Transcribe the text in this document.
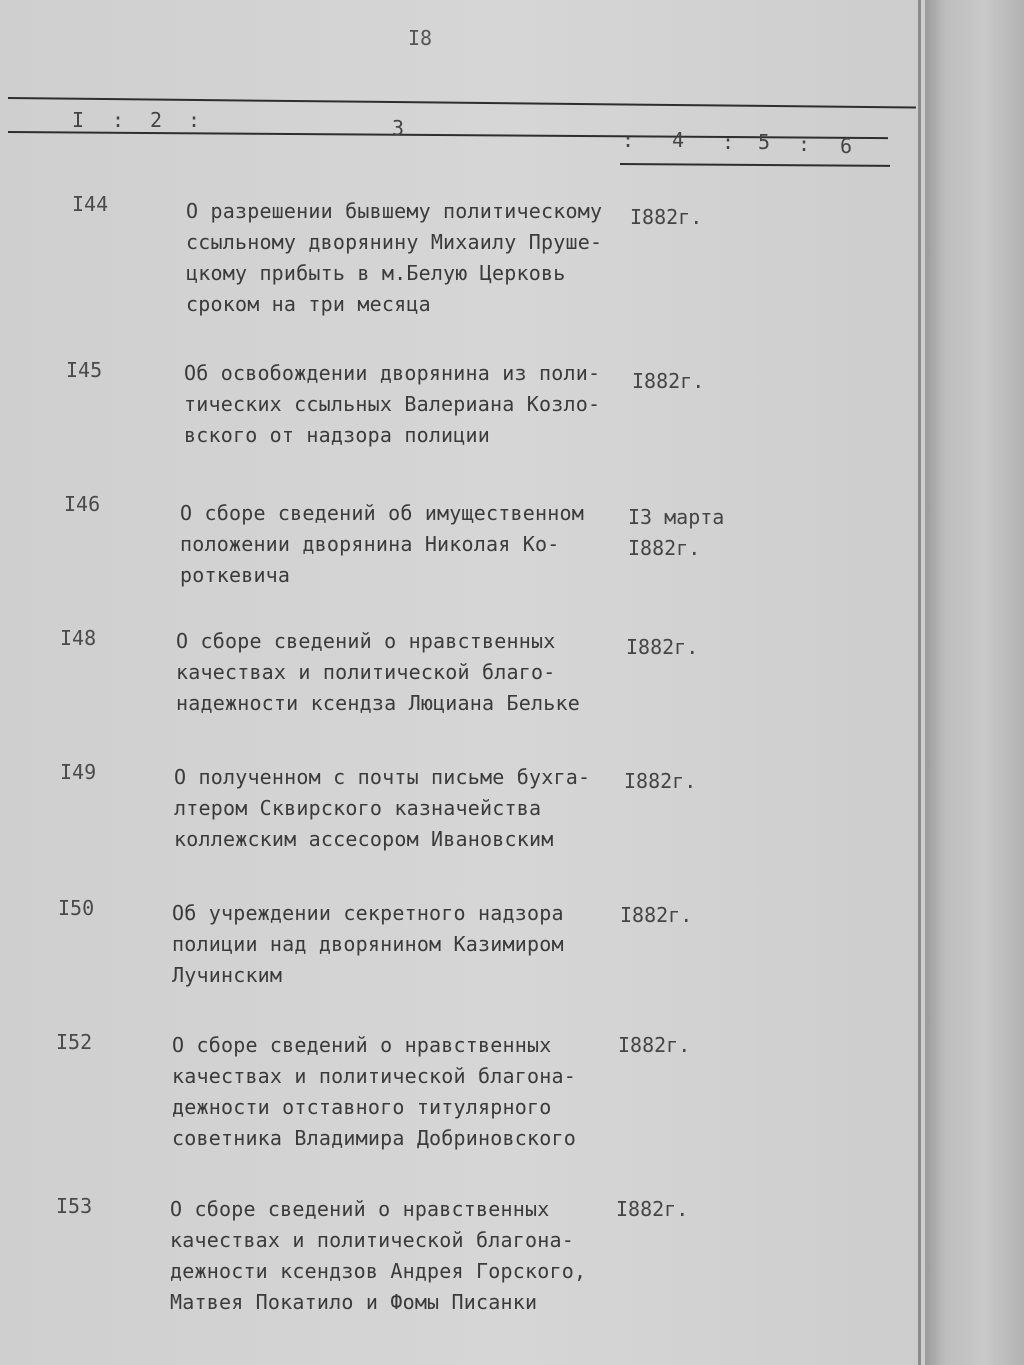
I8
I : 2 :	3	: 4 : 5 : 6
I44	О разрешении бывшему политическому
ссыльному дворянину Михаилу Прушe-
цкому прибыть в м.Белую Церковь
сроком на три месяца
I882г.
I45	Об освобождении дворянина из поли-
тических ссыльных Валериана Козло-
вского от надзора полиции
I882г.
I46	О сборе сведений об имущественном
положении дворянина Николая Ко-
роткевича
I3 марта
I882г.
I48	О сборе сведений о нравственных
качествах и политической благо-
надежности ксендза Люциана Бельке
I882г.
I49	О полученном с почты письме бухга-
лтером Сквирского казначейства
коллежским ассесором Ивановским
I882г.
I50	Об учреждении секретного надзора
полиции над дворянином Казимиром
Лучинским
I882г.
I52	О сборе сведений о нравственных
качествах и политической благона-
дежности отставного титулярного
советника Владимира Добриновского
I882г.
I53	О сборе сведений о нравственных
качествах и политической благона-
дежности ксендзов Андрея Горского,
Матвея Покатило и Фомы Писанки
I882г.
